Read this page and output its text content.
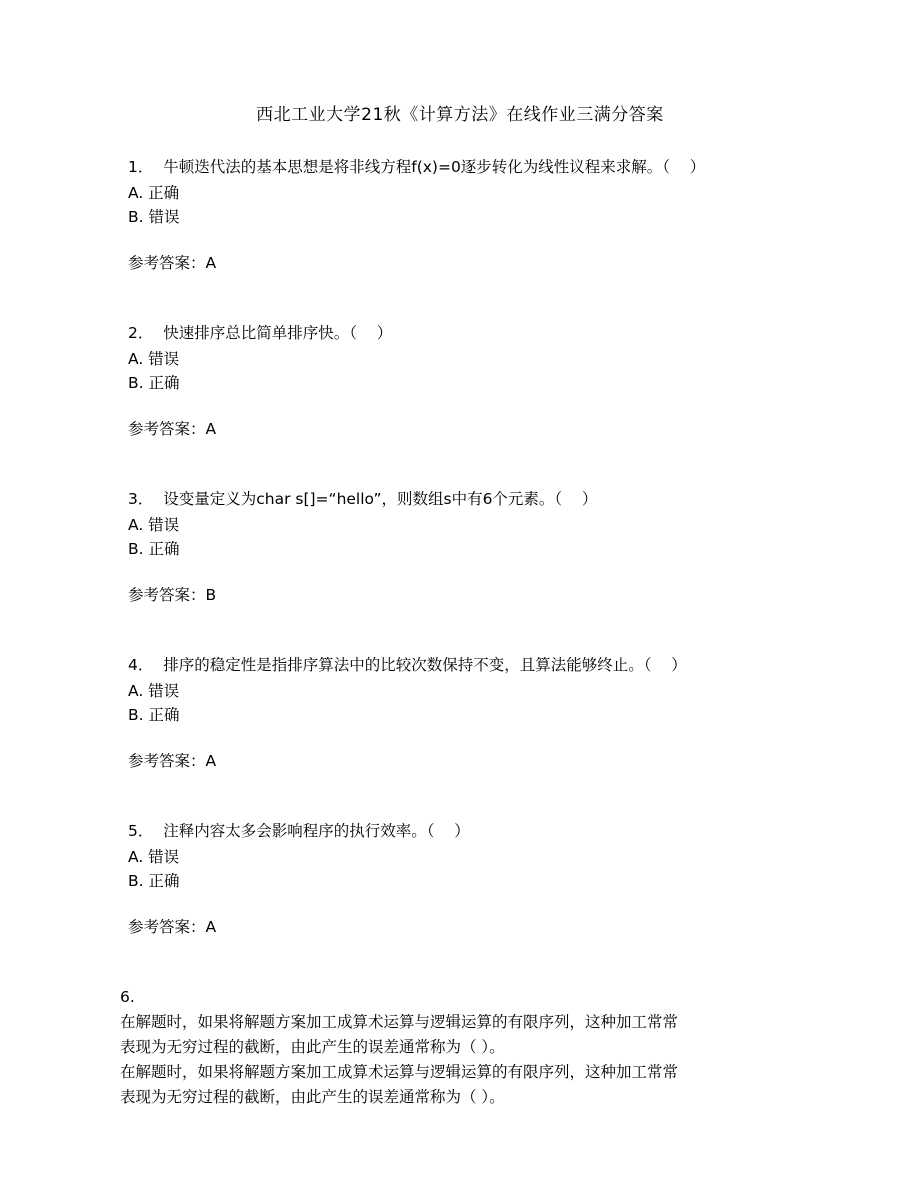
西北工业大学21秋《计算方法》在线作业三满分答案

1． 牛顿迭代法的基本思想是将非线方程f(x)=0逐步转化为线性议程来求解。（    ）

A. 正确

B. 错误

参考答案：A

2． 快速排序总比简单排序快。（    ）

A. 错误

B. 正确

参考答案：A

3． 设变量定义为char s[]=“hello”，则数组s中有6个元素。（    ）

A. 错误

B. 正确

参考答案：B

4． 排序的稳定性是指排序算法中的比较次数保持不变，且算法能够终止。（    ）

A. 错误

B. 正确

参考答案：A

5． 注释内容太多会影响程序的执行效率。（    ）

A. 错误

B. 正确

参考答案：A

6.

在解题时，如果将解题方案加工成算术运算与逻辑运算的有限序列，这种加工常常

表现为无穷过程的截断，由此产生的误差通常称为（ ）。

在解题时，如果将解题方案加工成算术运算与逻辑运算的有限序列，这种加工常常

表现为无穷过程的截断，由此产生的误差通常称为（ ）。
